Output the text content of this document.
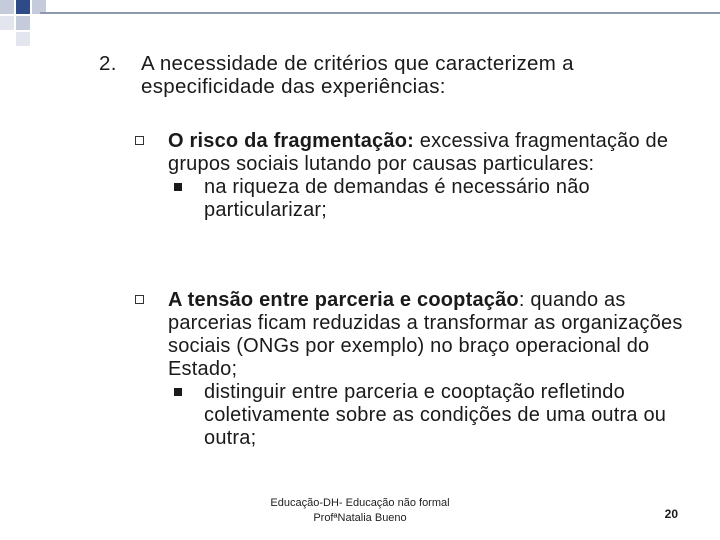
2. A necessidade de critérios que caracterizem a especificidade das experiências:
O risco da fragmentação: excessiva fragmentação de grupos sociais lutando por causas particulares:
na riqueza de demandas é necessário não particularizar;
A tensão entre parceria e cooptação: quando as parcerias ficam reduzidas a transformar as organizações sociais (ONGs por exemplo) no braço operacional do Estado;
distinguir entre parceria e cooptação refletindo coletivamente sobre as condições de uma outra ou outra;
Educação-DH- Educação não formal
ProfªNatalia Bueno	20
